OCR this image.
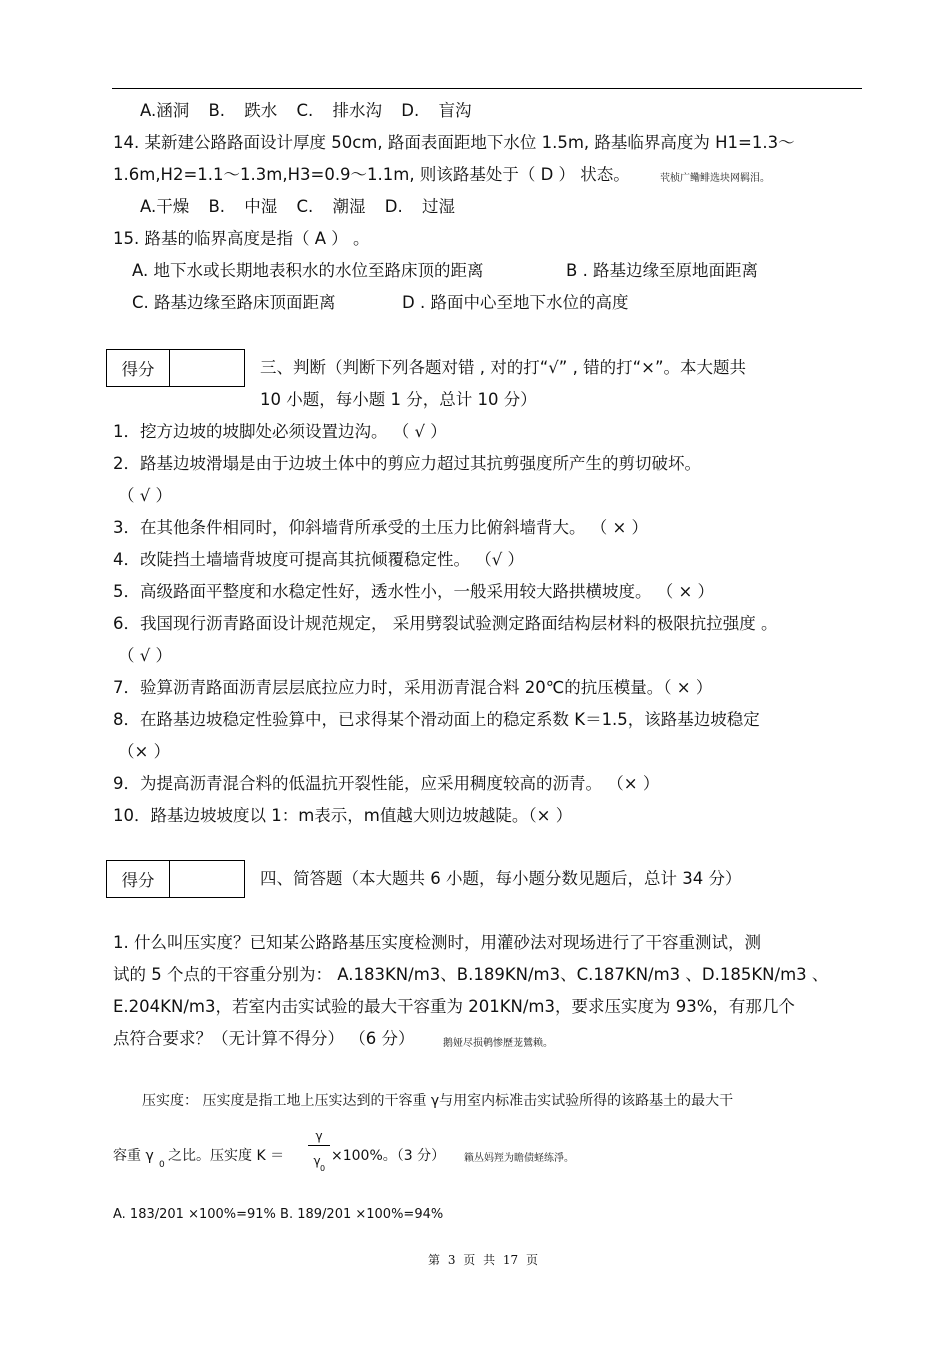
A.涵洞 B. 跌水 C. 排水沟 D. 盲沟
14. 某新建公路路面设计厚度 50cm, 路面表面距地下水位 1.5m, 路基临界高度为 H1=1.3～
1.6m,H2=1.1～1.3m,H3=0.9～1.1m, 则该路基处于（ D ） 状态。	茕桢广鳓鲱选块网羁泪。
A.干燥 B. 中湿 C. 潮湿 D. 过湿
15. 路基的临界高度是指（ A ） 。
A. 地下水或长期地表积水的水位至路床顶的距离	B . 路基边缘至原地面距离
C. 路基边缘至路床顶面距离	D . 路面中心至地下水位的高度
得分	三、判断（判断下列各题对错 , 对的打“√” , 错的打“×”。本大题共
10 小题，每小题 1 分，总计 10 分）
1．挖方边坡的坡脚处必须设置边沟。 （ √ ）
2．路基边坡滑塌是由于边坡土体中的剪应力超过其抗剪强度所产生的剪切破坏。
（ √ ）
3．在其他条件相同时，仰斜墙背所承受的土压力比俯斜墙背大。 （ × ）
4．改陡挡土墙墙背坡度可提高其抗倾覆稳定性。 （√ ）
5．高级路面平整度和水稳定性好，透水性小，一般采用较大路拱横坡度。 （ × ）
6．我国现行沥青路面设计规范规定， 采用劈裂试验测定路面结构层材料的极限抗拉强度 。
（ √ ）
7．验算沥青路面沥青层层底拉应力时，采用沥青混合料 20℃的抗压模量。（ × ）
8．在路基边坡稳定性验算中，已求得某个滑动面上的稳定系数 K＝1.5，该路基边坡稳定
（× ）
9．为提高沥青混合料的低温抗开裂性能，应采用稠度较高的沥青。 （× ）
10．路基边坡坡度以 1：m表示，m值越大则边坡越陡。（× ）
得分	四、简答题（本大题共 6 小题，每小题分数见题后，总计 34 分）
1. 什么叫压实度？已知某公路路基压实度检测时，用灌砂法对现场进行了干容重测试，测
试的 5 个点的干容重分别为： A.183KN/m3、B.189KN/m3、C.187KN/m3 、D.185KN/m3 、
E.204KN/m3，若室内击实试验的最大干容重为 201KN/m3，要求压实度为 93%，有那几个
点符合要求？（无计算不得分） （6 分）	鹅娅尽损鹌惨歷茏鷥赖。
压实度： 压实度是指工地上压实达到的干容重 γ与用室内标准击实试验所得的该路基土的最大干
容重 γ
0
之比。压实度 K ＝
γ
γ
0
×100%。（3 分） 籟丛妈羥为瞻债蛏练淨。
A. 183/201 ×100%=91% B. 189/201 ×100%=94%
第 3 页 共 17 页
